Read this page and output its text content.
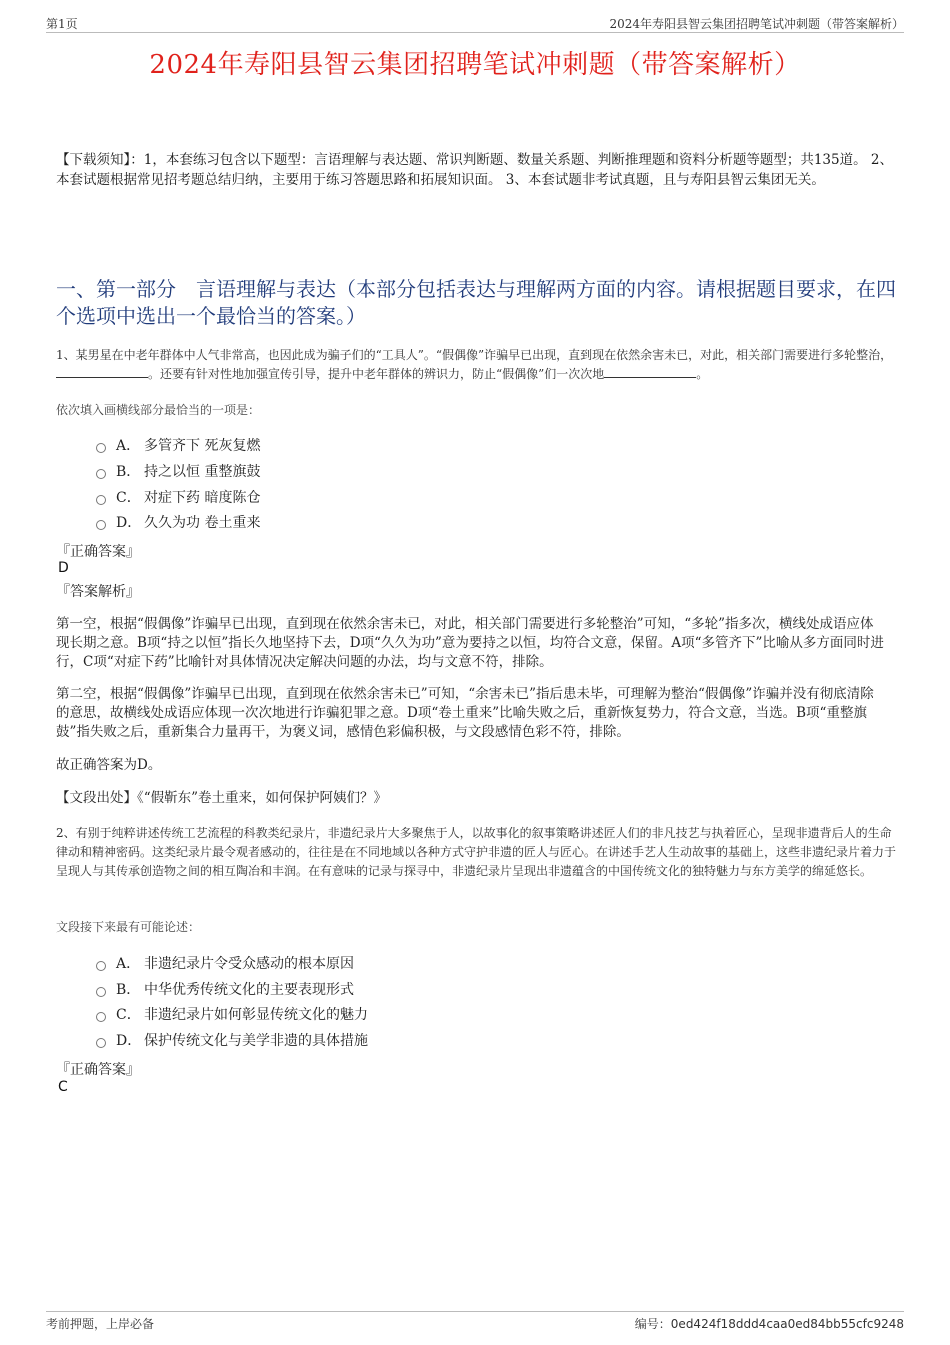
第1页	2024年寿阳县智云集团招聘笔试冲刺题（带答案解析）
2024年寿阳县智云集团招聘笔试冲刺题（带答案解析）
【下载须知】：1，本套练习包含以下题型：言语理解与表达题、常识判断题、数量关系题、判断推理题和资料分析题等题型；共135道。 2、本套试题根据常见招考题总结归纳，主要用于练习答题思路和拓展知识面。 3、本套试题非考试真题，且与寿阳县智云集团无关。
一、第一部分　言语理解与表达（本部分包括表达与理解两方面的内容。请根据题目要求，在四个选项中选出一个最恰当的答案。）
1、某男星在中老年群体中人气非常高，也因此成为骗子们的“工具人”。“假偶像”诈骗早已出现，直到现在依然余害未已，对此，相关部门需要进行多轮整治，。还要有针对性地加强宣传引导，提升中老年群体的辨识力，防止“假偶像”们一次次地	。
依次填入画横线部分最恰当的一项是：
A． 多管齐下 死灰复燃
B． 持之以恒 重整旗鼓
C． 对症下药 暗度陈仓
D． 久久为功 卷土重来
『正确答案』
D
『答案解析』
第一空，根据“假偶像”诈骗早已出现，直到现在依然余害未已，对此，相关部门需要进行多轮整治”可知，“多轮”指多次，横线处成语应体现长期之意。B项“持之以恒”指长久地坚持下去，D项“久久为功”意为要持之以恒，均符合文意，保留。A项“多管齐下”比喻从多方面同时进行，C项“对症下药”比喻针对具体情况决定解决问题的办法，均与文意不符，排除。
第二空，根据“假偶像”诈骗早已出现，直到现在依然余害未已”可知，“余害未已”指后患未毕，可理解为整治“假偶像”诈骗并没有彻底清除的意思，故横线处成语应体现一次次地进行诈骗犯罪之意。D项“卷土重来”比喻失败之后，重新恢复势力，符合文意，当选。B项“重整旗鼓”指失败之后，重新集合力量再干，为褒义词，感情色彩偏积极，与文段感情色彩不符，排除。
故正确答案为D。
【文段出处】《“假靳东”卷土重来，如何保护阿姨们？》
2、有别于纯粹讲述传统工艺流程的科教类纪录片，非遗纪录片大多聚焦于人，以故事化的叙事策略讲述匠人们的非凡技艺与执着匠心，呈现非遗背后人的生命律动和精神密码。这类纪录片最令观者感动的，往往是在不同地域以各种方式守护非遗的匠人与匠心。在讲述手艺人生动故事的基础上，这些非遗纪录片着力于呈现人与其传承创造物之间的相互陶冶和丰润。在有意味的记录与探寻中，非遗纪录片呈现出非遗蕴含的中国传统文化的独特魅力与东方美学的绵延悠长。
文段接下来最有可能论述：
A． 非遗纪录片令受众感动的根本原因
B． 中华优秀传统文化的主要表现形式
C． 非遗纪录片如何彰显传统文化的魅力
D． 保护传统文化与美学非遗的具体措施
『正确答案』
C
考前押题，上岸必备	编号：0ed424f18ddd4caa0ed84bb55cfc9248
